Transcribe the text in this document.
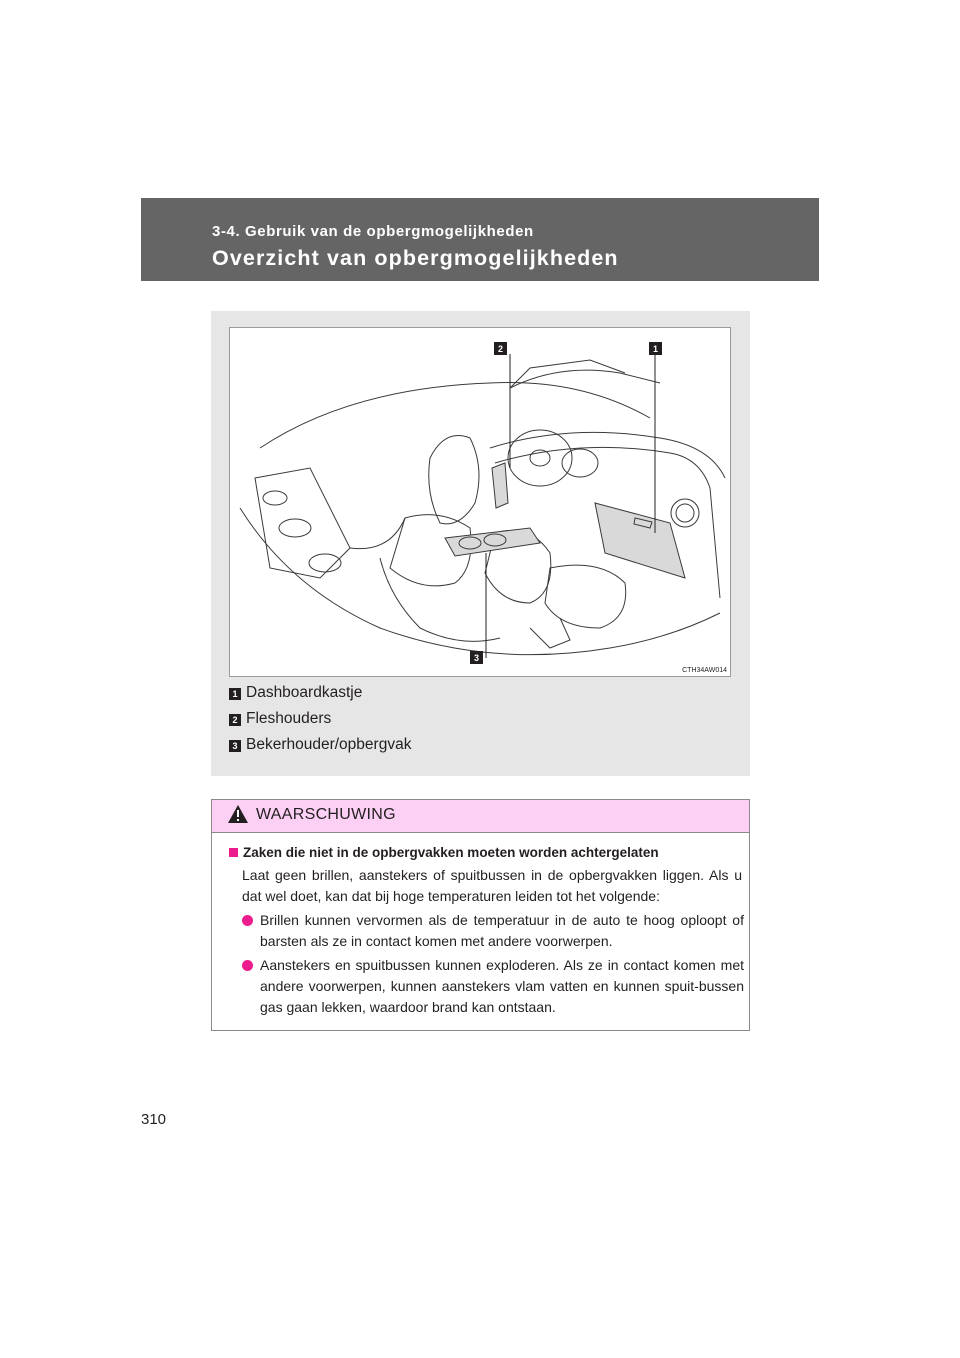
3-4. Gebruik van de opbergmogelijkheden
Overzicht van opbergmogelijkheden
1
2
3
CTH34AW014
1 Dashboardkastje
2 Fleshouders
3 Bekerhouder/opbergvak
WAARSCHUWING
Zaken die niet in de opbergvakken moeten worden achtergelaten
Laat geen brillen, aanstekers of spuitbussen in de opbergvakken liggen. Als u dat wel doet, kan dat bij hoge temperaturen leiden tot het volgende:
Brillen kunnen vervormen als de temperatuur in de auto te hoog oploopt of barsten als ze in contact komen met andere voorwerpen.
Aanstekers en spuitbussen kunnen exploderen. Als ze in contact komen met andere voorwerpen, kunnen aanstekers vlam vatten en kunnen spuit-bussen gas gaan lekken, waardoor brand kan ontstaan.
310
